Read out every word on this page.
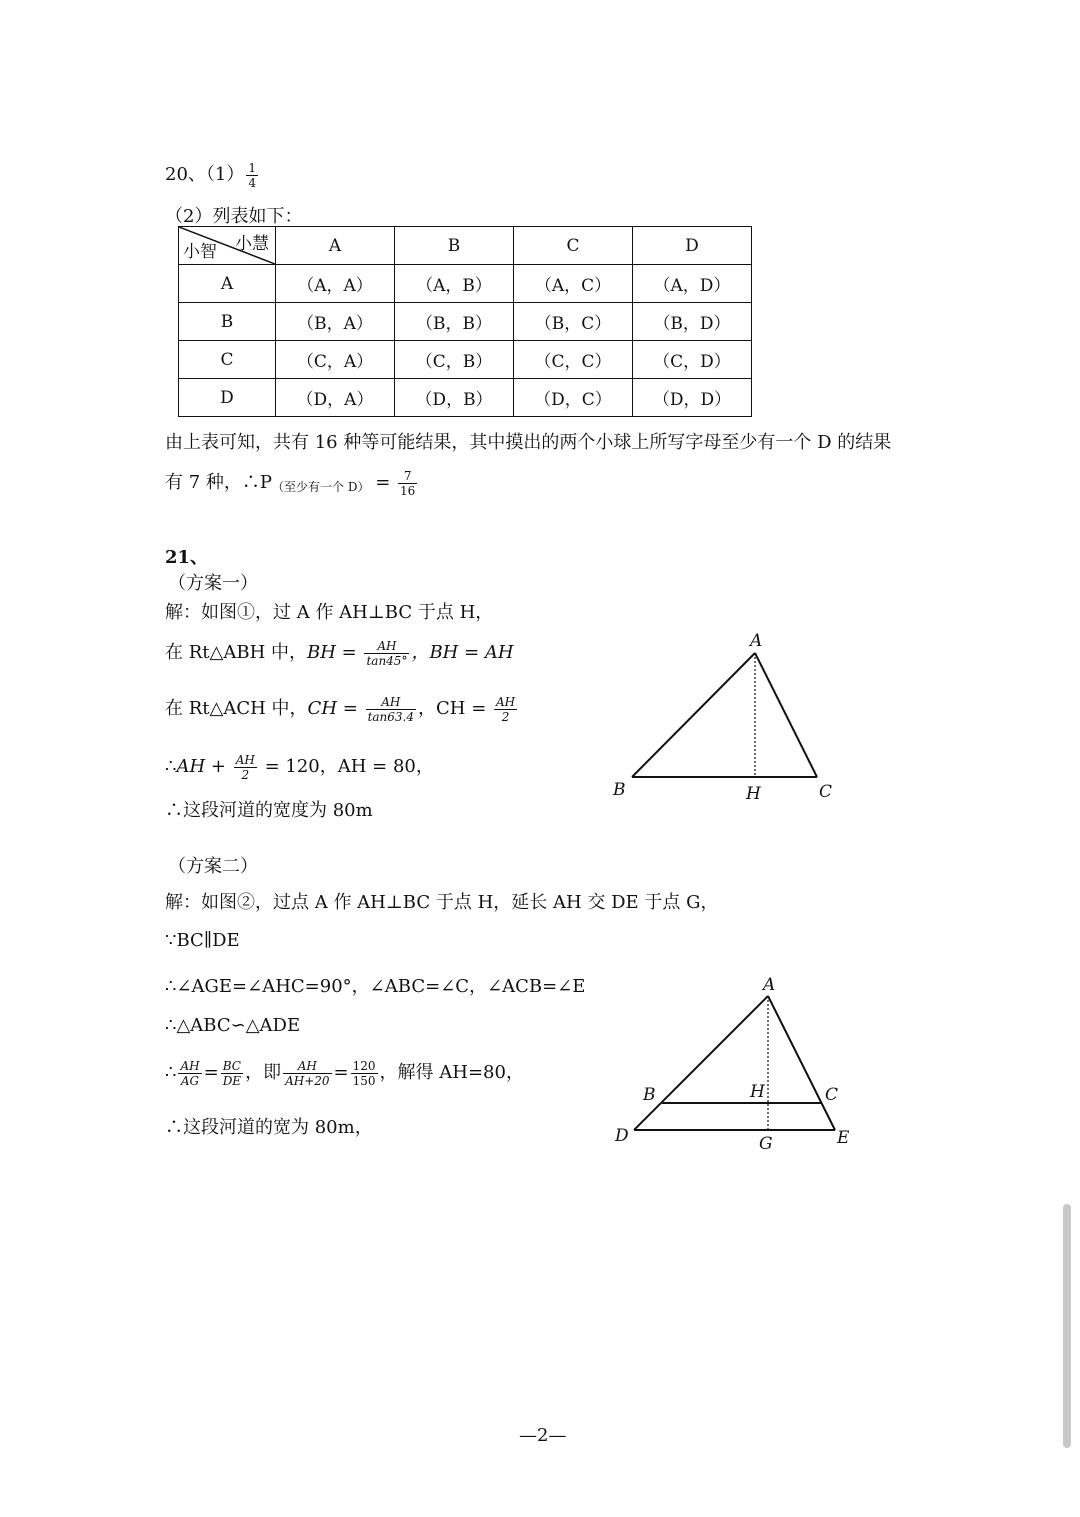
20、$(1) \frac{1}{4}$
（2）列表如下：
小慧
小智	A	B	C	D
A	（A，A）	（A，B）	（A，C）	（A，D）
B	（B，A）	（B，B）	（B，C）	（B，D）
C	（C，A）	（C，B）	（C，C）	（C，D）
D	（D，A）	（D，B）	（D，C）	（D，D）
由上表可知，共有 16 种等可能结果，其中摸出的两个小球上所写字母至少有一个 D 的结果
有 7 种，$\therefore P_{(至少有一个 D)} = \frac{7}{16}$
21、
（方案一）
解：如图①，过 A 作 AH⊥BC 于点 H，
在 Rt△ABH 中，BH = $\frac{AH}{\tan 45^\circ}$ ，BH = AH
在 Rt△ACH 中，CH = $\frac{AH}{\tan 63.4}$ ，CH = $\frac{AH}{2}$
∴AH + $\frac{AH}{2} = 120$，AH = 80，
∴这段河道的宽度为 80m
A
B	H	C
（方案二）
解：如图②，过点 A 作 AH⊥BC 于点 H，延长 AH 交 DE 于点 G，
∵BC∥DE
∴∠AGE=∠AHC=90°，∠ABC=∠C，∠ACB=∠E
∴△ABC∽△ADE
∴ $\frac{AH}{AG} = \frac{BC}{DE}$ ，即 $\frac{AH}{AH+20} = \frac{120}{150}$ ，解得 AH=80，
∴这段河道的宽为 80m，
A
B	H	C
D	G	E
—2—
